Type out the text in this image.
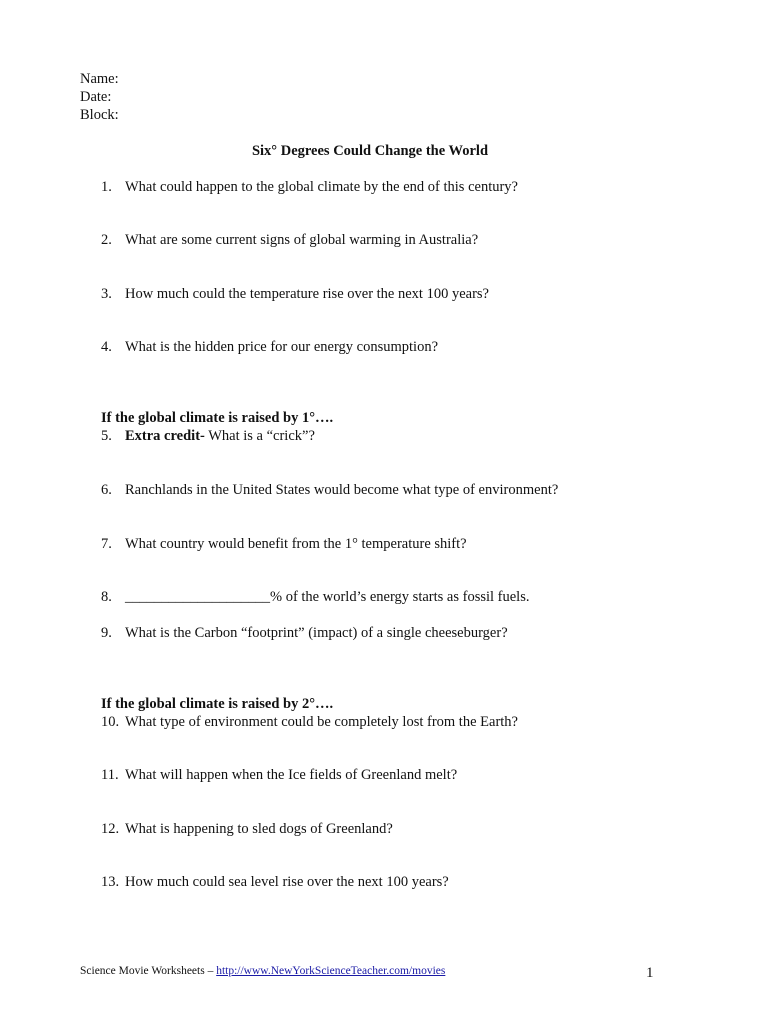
Name:
Date:
Block:
Six° Degrees Could Change the World
1. What could happen to the global climate by the end of this century?
2. What are some current signs of global warming in Australia?
3. How much could the temperature rise over the next 100 years?
4. What is the hidden price for our energy consumption?
If the global climate is raised by 1°….
5. Extra credit- What is a “crick”?
6. Ranchlands in the United States would become what type of environment?
7. What country would benefit from the 1° temperature shift?
8. ____________________% of the world’s energy starts as fossil fuels.
9. What is the Carbon “footprint” (impact) of a single cheeseburger?
If the global climate is raised by 2°….
10. What type of environment could be completely lost from the Earth?
11. What will happen when the Ice fields of Greenland melt?
12. What is happening to sled dogs of Greenland?
13. How much could sea level rise over the next 100 years?
Science Movie Worksheets – http://www.NewYorkScienceTeacher.com/movies	1
